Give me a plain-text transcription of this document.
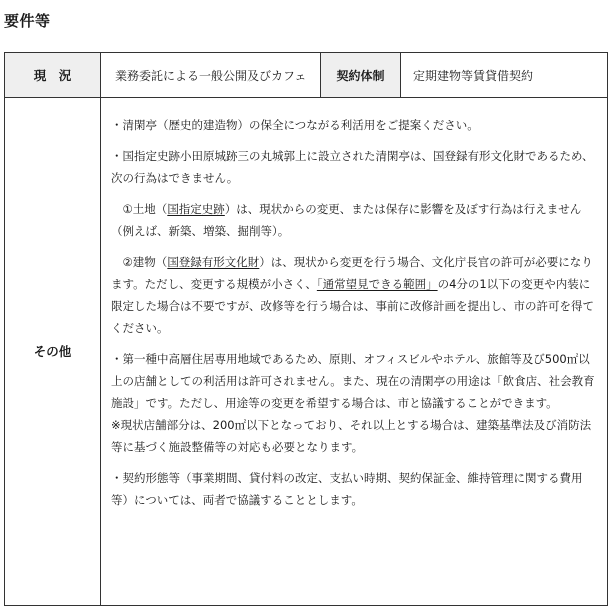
要件等
現　況	業務委託による一般公開及びカフェ	契約体制	定期建物等賃貸借契約
その他

・清閑亭（歴史的建造物）の保全につながる利活用をご提案ください。

・国指定史跡小田原城跡三の丸城郭上に設立された清閑亭は、国登録有形文化財であるため、次の行為はできません。

　①土地（国指定史跡）は、現状からの変更、または保存に影響を及ぼす行為は行えません（例えば、新築、増築、掘削等）。

　②建物（国登録有形文化財）は、現状から変更を行う場合、文化庁長官の許可が必要になります。ただし、変更する規模が小さく、「通常望見できる範囲」の4分の1以下の変更や内装に限定した場合は不要ですが、改修等を行う場合は、事前に改修計画を提出し、市の許可を得てください。

・第一種中高層住居専用地域であるため、原則、オフィスビルやホテル、旅館等及び500㎡以上の店舗としての利活用は許可されません。また、現在の清閑亭の用途は「飲食店、社会教育施設」です。ただし、用途等の変更を希望する場合は、市と協議することができます。

※現状店舗部分は、200㎡以下となっており、それ以上とする場合は、建築基準法及び消防法等に基づく施設整備等の対応も必要となります。

・契約形態等（事業期間、貸付料の改定、支払い時期、契約保証金、維持管理に関する費用等）については、両者で協議することとします。
